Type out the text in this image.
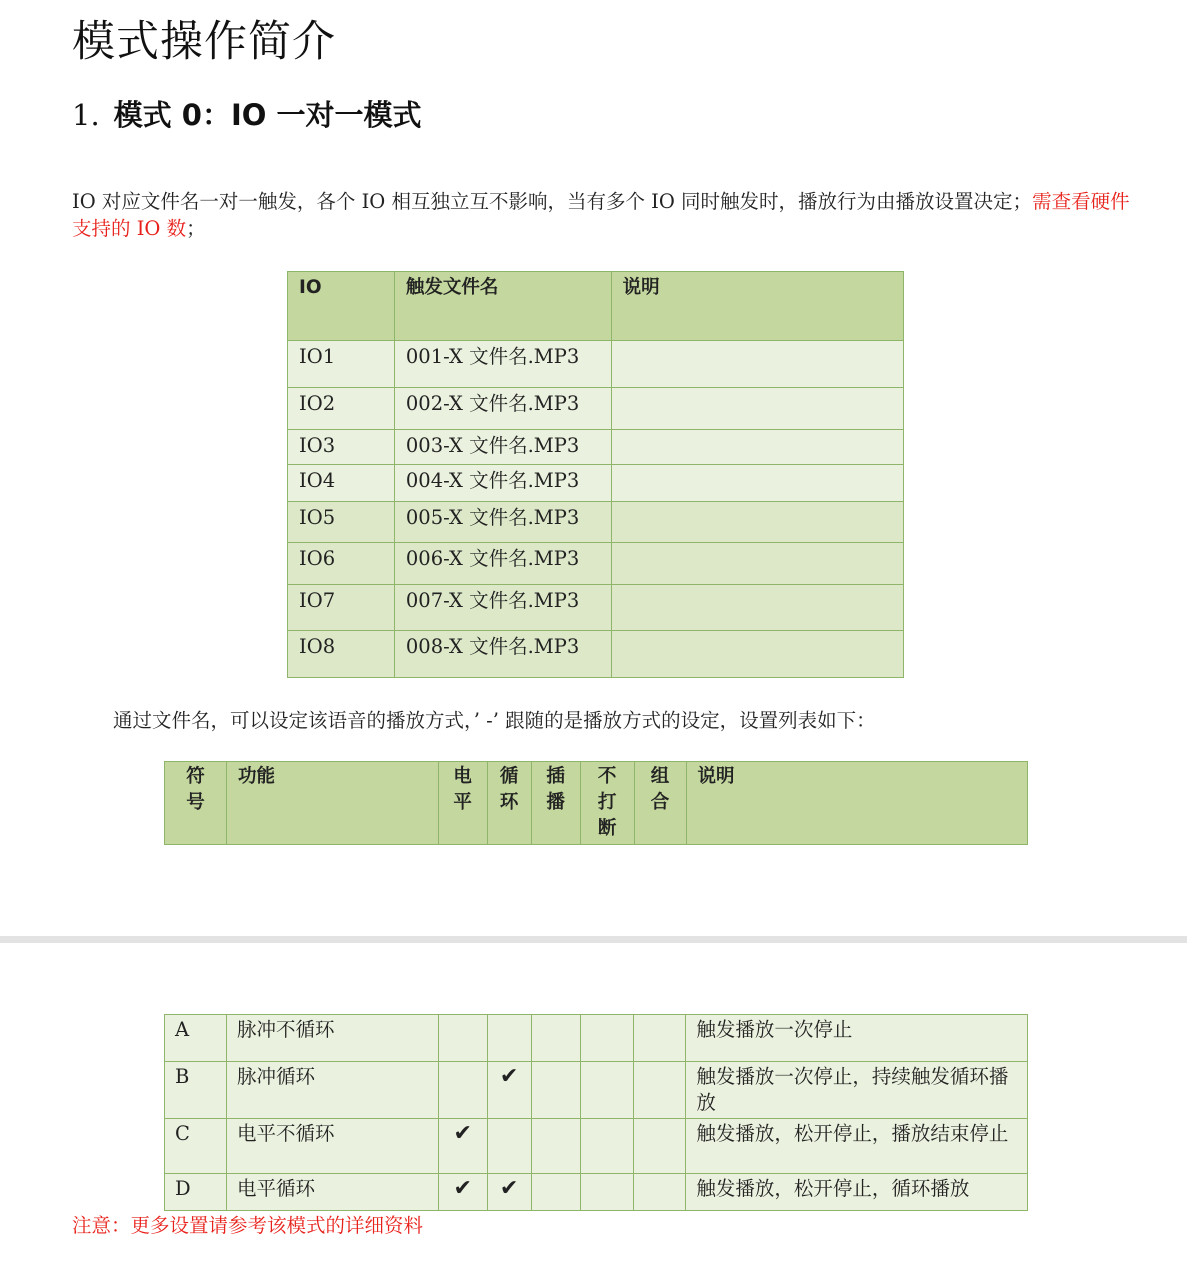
模式操作简介
1. 模式 0：IO 一对一模式

IO 对应文件名一对一触发，各个 IO 相互独立互不影响，当有多个 IO 同时触发时，播放行为由播放设置决定；需查看硬件支持的 IO 数；

IO	触发文件名	说明
IO1	001-X 文件名.MP3	
IO2	002-X 文件名.MP3	
IO3	003-X 文件名.MP3	
IO4	004-X 文件名.MP3	
IO5	005-X 文件名.MP3	
IO6	006-X 文件名.MP3	
IO7	007-X 文件名.MP3	
IO8	008-X 文件名.MP3	

通过文件名，可以设定该语音的播放方式，’ -’ 跟随的是播放方式的设定，设置列表如下：

符号	功能	电平	循环	插播	不打断	组合	说明
A	脉冲不循环						触发播放一次停止
B	脉冲循环		✔				触发播放一次停止，持续触发循环播放
C	电平不循环	✔					触发播放，松开停止，播放结束停止
D	电平循环	✔	✔				触发播放，松开停止，循环播放

注意：更多设置请参考该模式的详细资料
